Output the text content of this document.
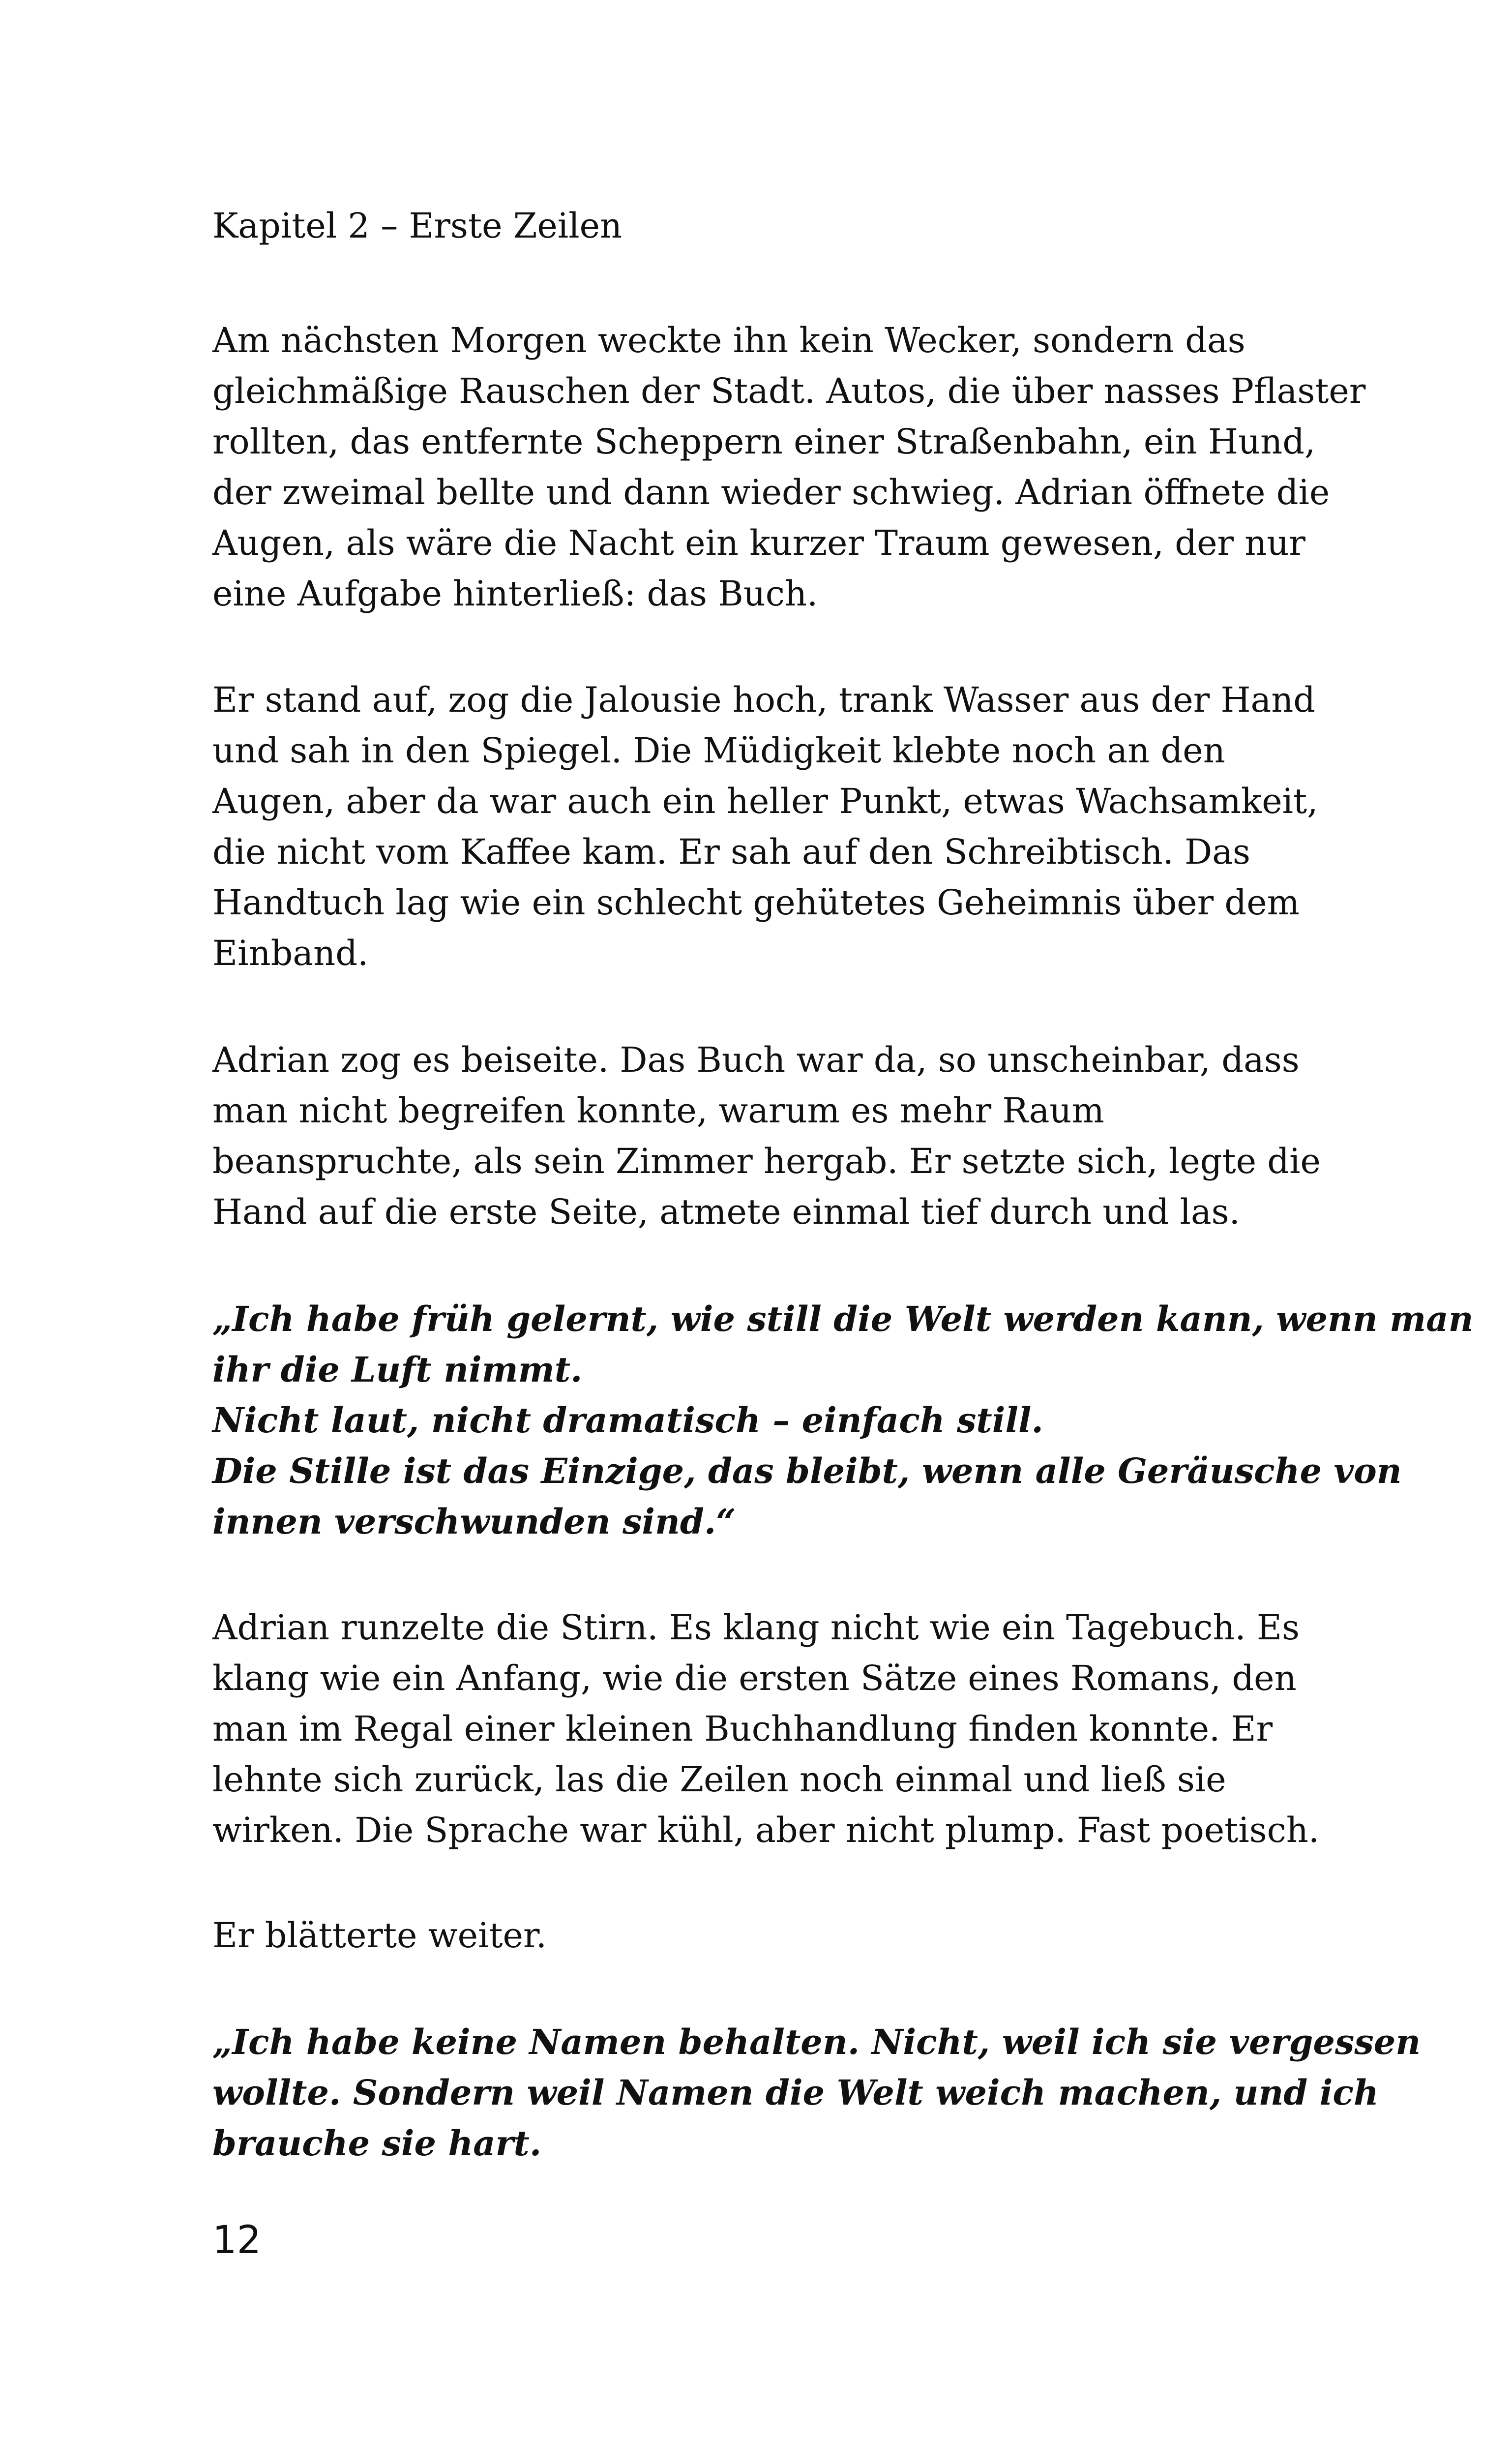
Kapitel 2 – Erste Zeilen

Am nächsten Morgen weckte ihn kein Wecker, sondern das
gleichmäßige Rauschen der Stadt. Autos, die über nasses Pflaster
rollten, das entfernte Scheppern einer Straßenbahn, ein Hund,
der zweimal bellte und dann wieder schwieg. Adrian öffnete die
Augen, als wäre die Nacht ein kurzer Traum gewesen, der nur
eine Aufgabe hinterließ: das Buch.

Er stand auf, zog die Jalousie hoch, trank Wasser aus der Hand
und sah in den Spiegel. Die Müdigkeit klebte noch an den
Augen, aber da war auch ein heller Punkt, etwas Wachsamkeit,
die nicht vom Kaffee kam. Er sah auf den Schreibtisch. Das
Handtuch lag wie ein schlecht gehütetes Geheimnis über dem
Einband.

Adrian zog es beiseite. Das Buch war da, so unscheinbar, dass
man nicht begreifen konnte, warum es mehr Raum
beanspruchte, als sein Zimmer hergab. Er setzte sich, legte die
Hand auf die erste Seite, atmete einmal tief durch und las.

„Ich habe früh gelernt, wie still die Welt werden kann, wenn man
ihr die Luft nimmt.
Nicht laut, nicht dramatisch – einfach still.
Die Stille ist das Einzige, das bleibt, wenn alle Geräusche von
innen verschwunden sind.“

Adrian runzelte die Stirn. Es klang nicht wie ein Tagebuch. Es
klang wie ein Anfang, wie die ersten Sätze eines Romans, den
man im Regal einer kleinen Buchhandlung finden konnte. Er
lehnte sich zurück, las die Zeilen noch einmal und ließ sie
wirken. Die Sprache war kühl, aber nicht plump. Fast poetisch.

Er blätterte weiter.

„Ich habe keine Namen behalten. Nicht, weil ich sie vergessen
wollte. Sondern weil Namen die Welt weich machen, und ich
brauche sie hart.

12
